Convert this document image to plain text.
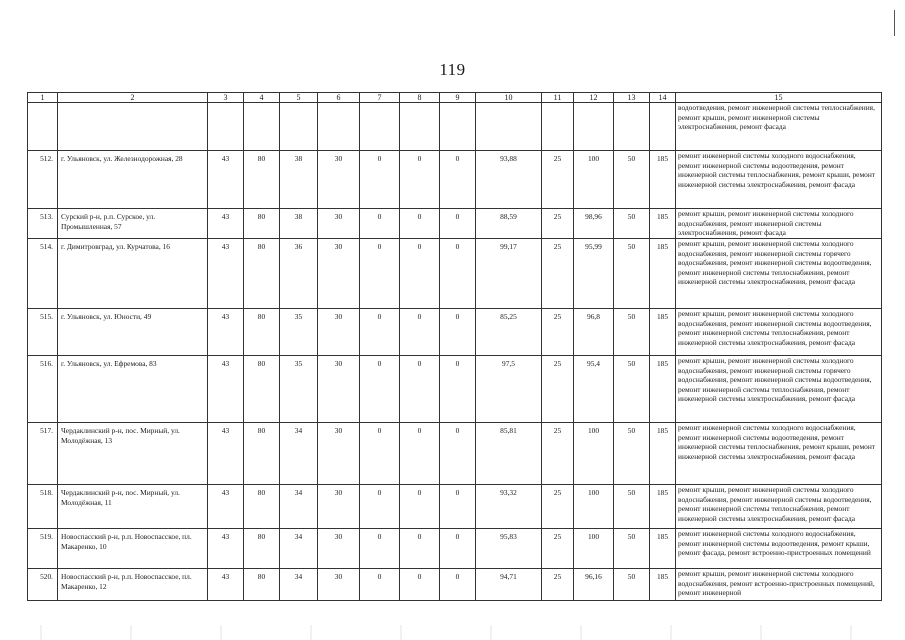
119
1	2	3	4	5	6	7	8	9	10	11	12	13	14	15
														водоотведения, ремонт инженерной системы теплоснабжения, ремонт крыши, ремонт инженерной системы электроснабжения, ремонт фасада
512.	г. Ульяновск, ул. Железнодорожная, 28	43	80	38	30	0	0	0	93,88	25	100	50	185	ремонт инженерной системы холодного водоснабжения, ремонт инженерной системы водоотведения, ремонт инженерной системы теплоснабжения, ремонт крыши, ремонт инженерной системы электроснабжения, ремонт фасада
513.	Сурский р-н, р.п. Сурское, ул. Промышленная, 57	43	80	38	30	0	0	0	88,59	25	98,96	50	185	ремонт крыши, ремонт инженерной системы холодного водоснабжения, ремонт инженерной системы электроснабжения, ремонт фасада
514.	г. Димитровград, ул. Курчатова, 16	43	80	36	30	0	0	0	99,17	25	95,99	50	185	ремонт крыши, ремонт инженерной системы холодного водоснабжения, ремонт инженерной системы горячего водоснабжения, ремонт инженерной системы водоотведения, ремонт инженерной системы теплоснабжения, ремонт инженерной системы электроснабжения, ремонт фасада
515.	г. Ульяновск, ул. Юности, 49	43	80	35	30	0	0	0	85,25	25	96,8	50	185	ремонт крыши, ремонт инженерной системы холодного водоснабжения, ремонт инженерной системы водоотведения, ремонт инженерной системы теплоснабжения, ремонт инженерной системы электроснабжения, ремонт фасада
516.	г. Ульяновск, ул. Ефремова, 83	43	80	35	30	0	0	0	97,5	25	95,4	50	185	ремонт крыши, ремонт инженерной системы холодного водоснабжения, ремонт инженерной системы горячего водоснабжения, ремонт инженерной системы водоотведения, ремонт инженерной системы теплоснабжения, ремонт инженерной системы электроснабжения, ремонт фасада
517.	Чердаклинский р-н, пос. Мирный, ул. Молодёжная, 13	43	80	34	30	0	0	0	85,81	25	100	50	185	ремонт инженерной системы холодного водоснабжения, ремонт инженерной системы водоотведения, ремонт инженерной системы теплоснабжения, ремонт крыши, ремонт инженерной системы электроснабжения, ремонт фасада
518.	Чердаклинский р-н, пос. Мирный, ул. Молодёжная, 11	43	80	34	30	0	0	0	93,32	25	100	50	185	ремонт крыши, ремонт инженерной системы холодного водоснабжения, ремонт инженерной системы водоотведения, ремонт инженерной системы теплоснабжения, ремонт инженерной системы электроснабжения, ремонт фасада
519.	Новоспасский р-н, р.п. Новоспасское, пл. Макаренко, 10	43	80	34	30	0	0	0	95,83	25	100	50	185	ремонт инженерной системы холодного водоснабжения, ремонт инженерной системы водоотведения, ремонт крыши, ремонт фасада, ремонт встроенно-пристроенных помещений
520.	Новоспасский р-н, р.п. Новоспасское, пл. Макаренко, 12	43	80	34	30	0	0	0	94,71	25	96,16	50	185	ремонт крыши, ремонт инженерной системы холодного водоснабжения, ремонт встроенно-пристроенных помещений, ремонт инженерной
